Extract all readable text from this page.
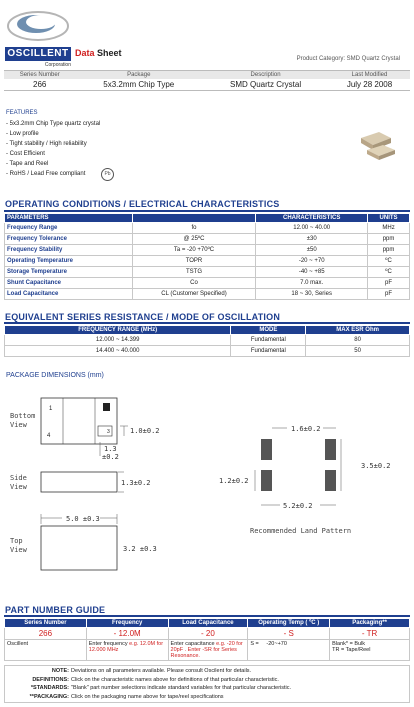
OSCILLENT
Corporation
Data Sheet
Product Category: SMD Quartz Crystal
Series Number	Package	Description	Last Modified
266	5x3.2mm Chip Type	SMD Quartz Crystal	July 28 2008
FEATURES
- 5x3.2mm Chip Type quartz crystal
- Low profile
- Tight stability / High reliability
- Cost Efficient
- Tape and Reel
- RoHS / Lead Free compliant	Pb
OPERATING CONDITIONS / ELECTRICAL CHARACTERISTICS
PARAMETERS		CHARACTERISTICS	UNITS
Frequency Range	fo	12.00 ~ 40.00	MHz
Frequency Tolerance	@ 25ºC	±30	ppm
Frequency Stability	Ta = -20 +70ºC	±50	ppm
Operating Temperature	TOPR	-20 ~ +70	ºC
Storage Temperature	TSTG	-40 ~ +85	ºC
Shunt Capacitance	Co	7.0 max.	pF
Load Capacitance	CL (Customer Specified)	18 ~ 30, Series	pF
EQUIVALENT SERIES RESISTANCE / MODE OF OSCILLATION
FREQUENCY RANGE (MHz)	MODE	MAX ESR Ohm
12.000 ~ 14.399	Fundamental	80
14.400 ~ 40.000	Fundamental	50
PACKAGE DIMENSIONS (mm)
Bottom
View
1
4
3	1.0±0.2
1.3
±0.2
Side
View	1.3±0.2
5.0 ±0.3
Top
View	3.2 ±0.3
1.6±0.2
1.2±0.2
3.5±0.2
5.2±0.2
Recommended Land Pattern
PART NUMBER GUIDE
Series Number	Frequency	Load Capacitance	Operating Temp ( ºC )	Packaging**
266	- 12.0M	- 20	- S	- TR
Oscillent	Enter frequency e.g. 12.0M for 12.000 MHz	Enter capacitance e.g. -20 for 20pF . Enter -SR for Series Resonance.	S = -20~+70	Blank* = Bulk
TR = Tape/Reel
NOTE: Deviations on all parameters available. Please consult Oscilent for details.
DEFINITIONS: Click on the characteristic names above for definitions of that particular characteristic.
*STANDARDS: "Blank" part number selections indicate standard variables for that particular characteristic.
**PACKAGING: Click on the packaging name above for tape/reel specifications
